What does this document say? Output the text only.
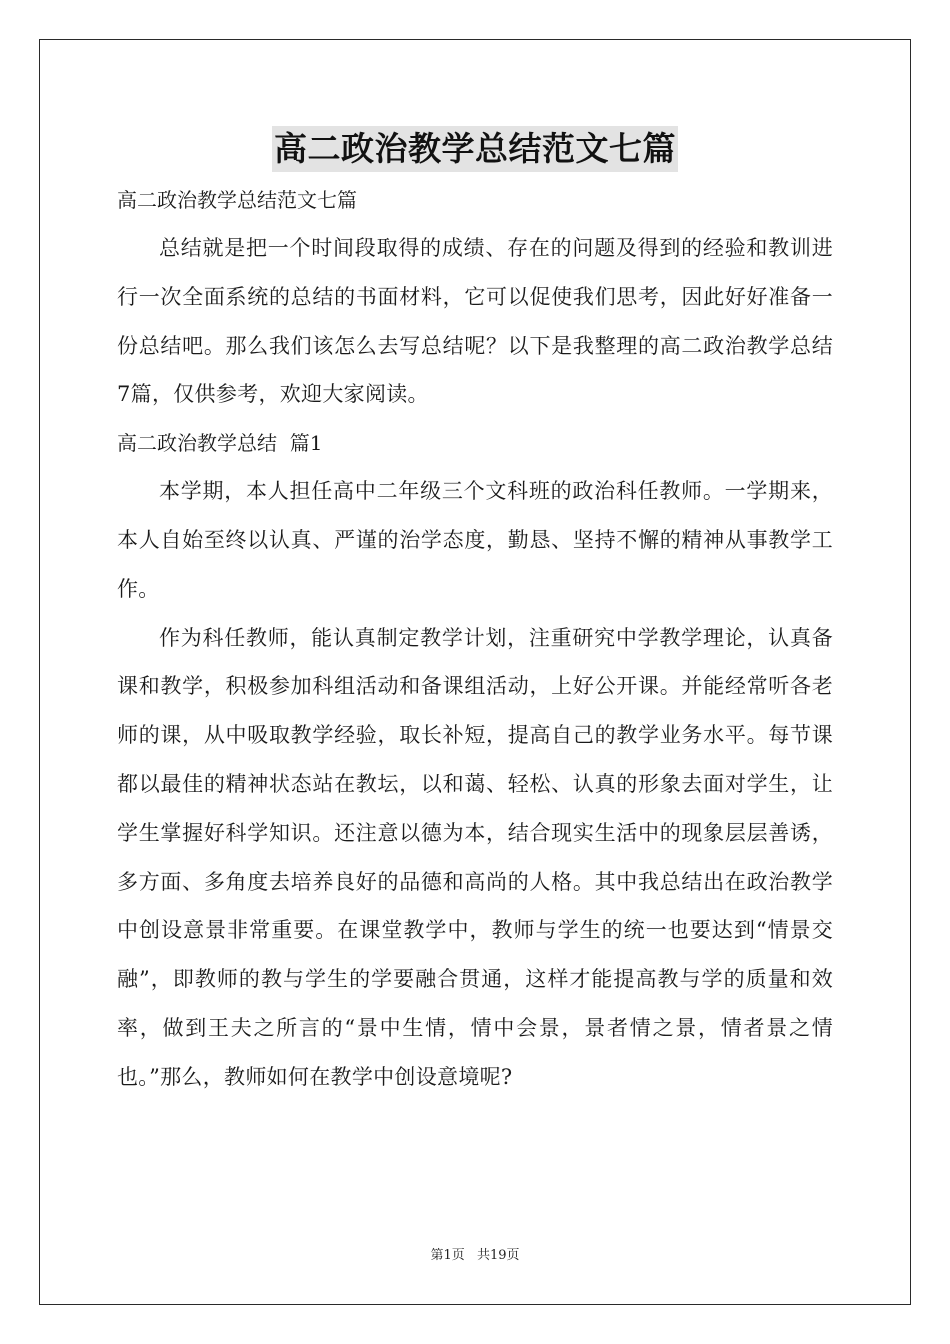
高二政治教学总结范文七篇

高二政治教学总结范文七篇

总结就是把一个时间段取得的成绩、存在的问题及得到的经验和教训进行一次全面系统的总结的书面材料，它可以促使我们思考，因此好好准备一份总结吧。那么我们该怎么去写总结呢？以下是我整理的高二政治教学总结7篇，仅供参考，欢迎大家阅读。

高二政治教学总结  篇1

本学期，本人担任高中二年级三个文科班的政治科任教师。一学期来，本人自始至终以认真、严谨的治学态度，勤恳、坚持不懈的精神从事教学工作。

作为科任教师，能认真制定教学计划，注重研究中学教学理论，认真备课和教学，积极参加科组活动和备课组活动，上好公开课。并能经常听各老师的课，从中吸取教学经验，取长补短，提高自己的教学业务水平。每节课都以最佳的精神状态站在教坛，以和蔼、轻松、认真的形象去面对学生，让学生掌握好科学知识。还注意以德为本，结合现实生活中的现象层层善诱，多方面、多角度去培养良好的品德和高尚的人格。其中我总结出在政治教学中创设意景非常重要。在课堂教学中，教师与学生的统一也要达到“情景交融”，即教师的教与学生的学要融合贯通，这样才能提高教与学的质量和效率，做到王夫之所言的“景中生情，情中会景，景者情之景，情者景之情也。”那么，教师如何在教学中创设意境呢?

第1页 共19页
